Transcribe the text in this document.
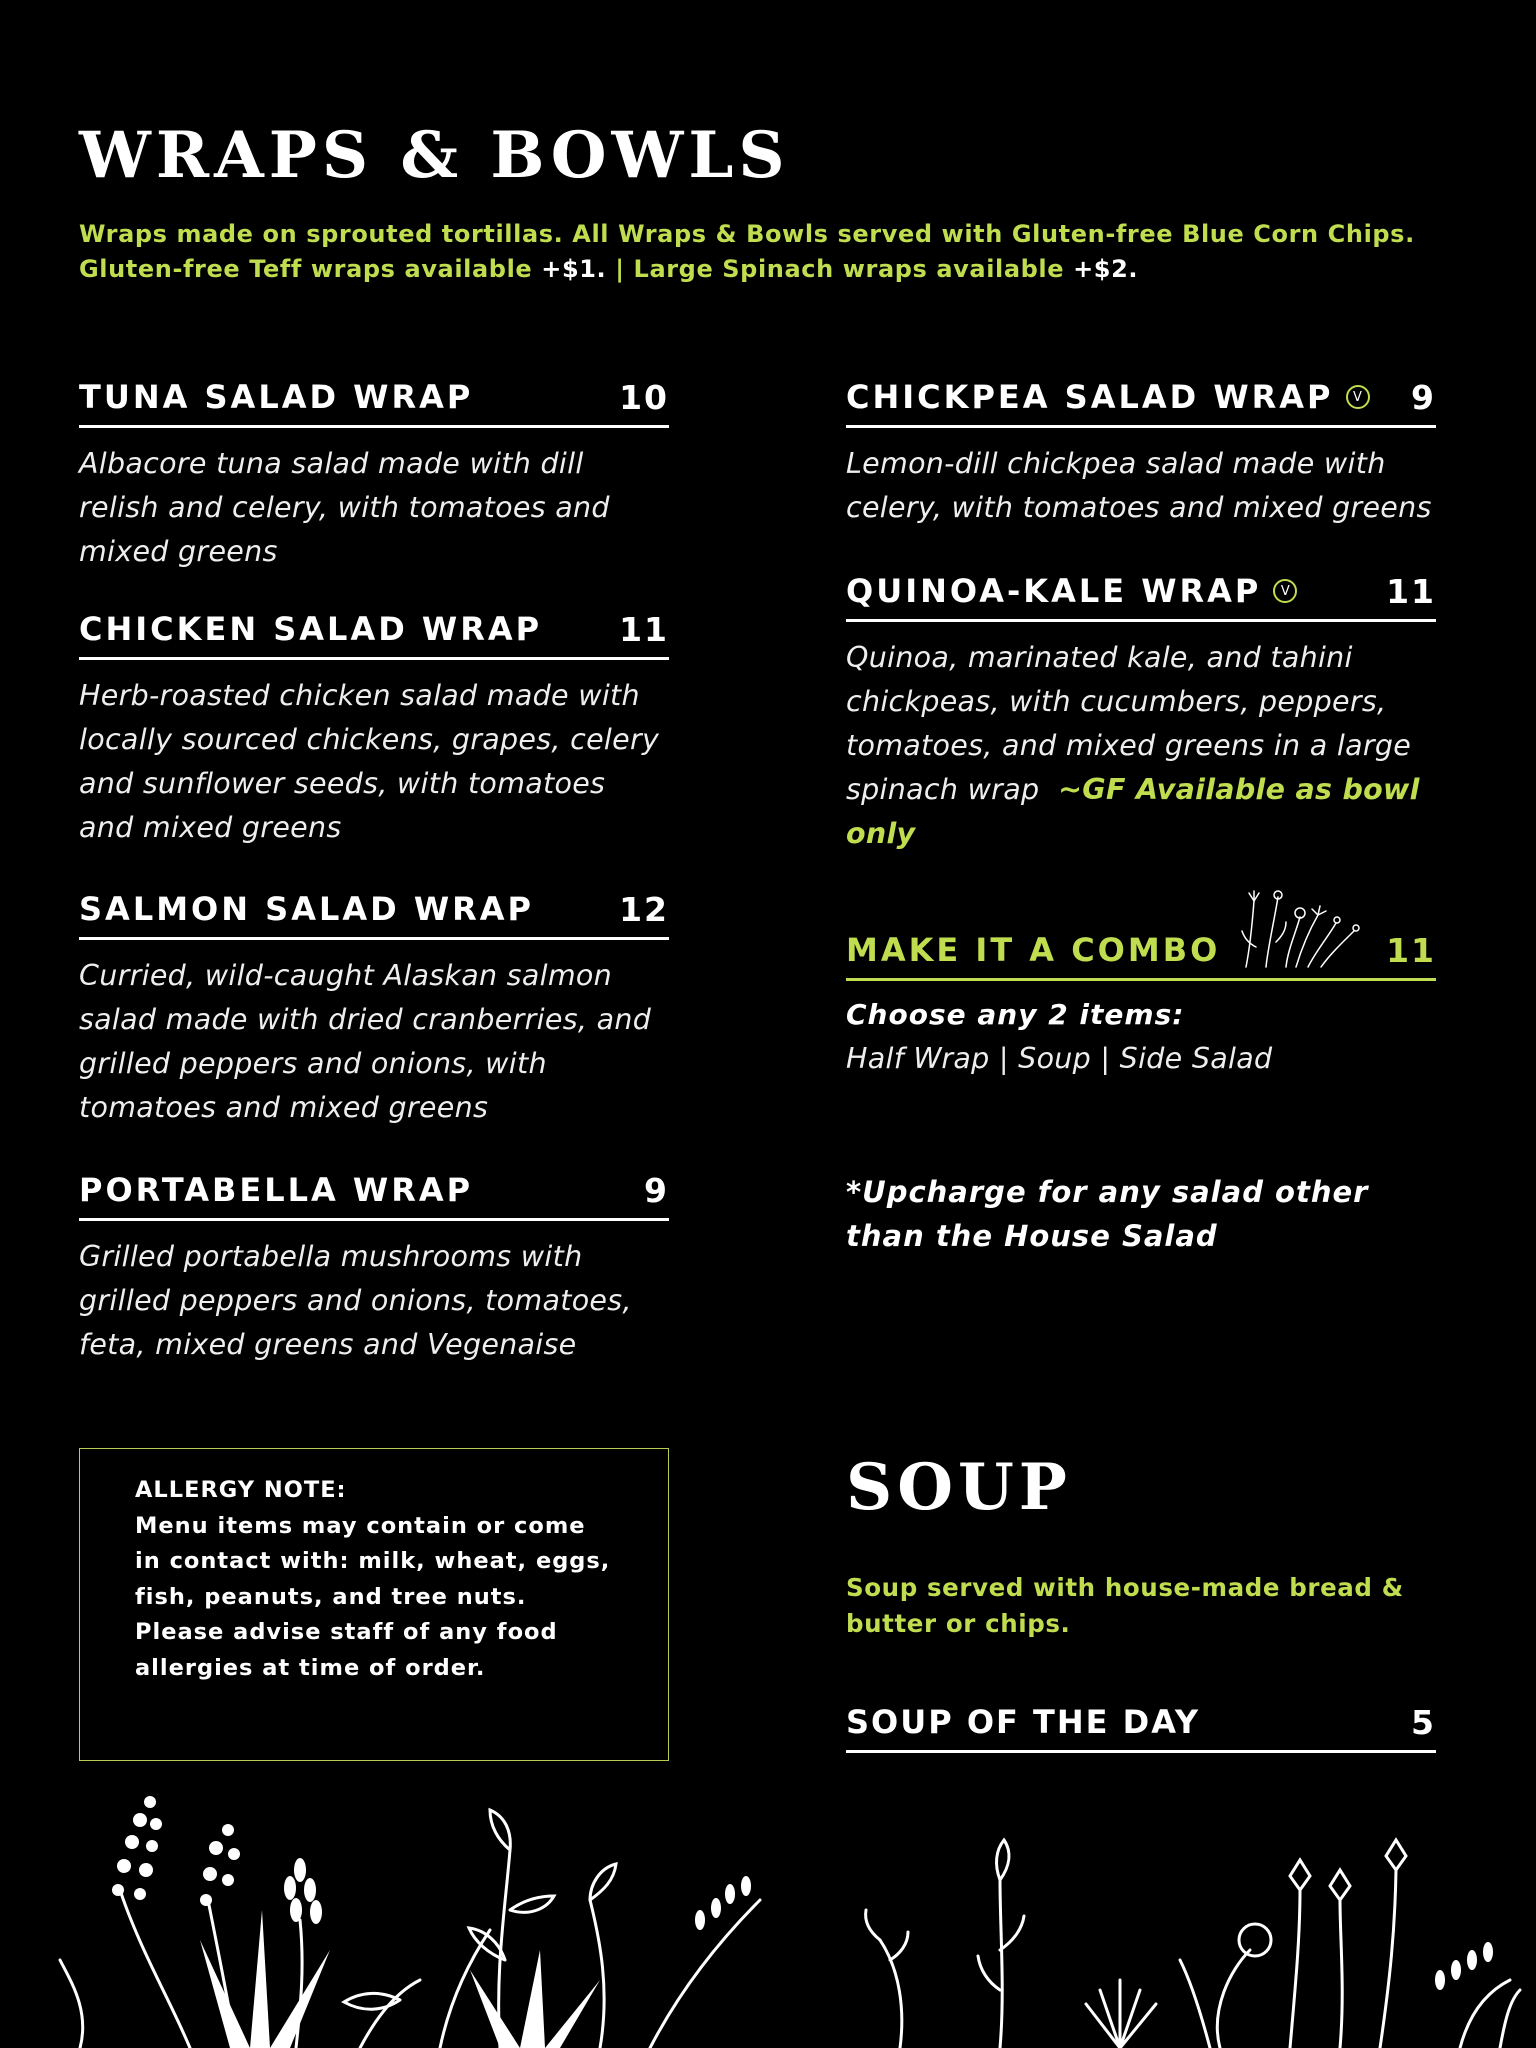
WRAPS & BOWLS
Wraps made on sprouted tortillas. All Wraps & Bowls served with Gluten-free Blue Corn Chips.
Gluten-free Teff wraps available +$1. | Large Spinach wraps available +$2.
TUNA SALAD WRAP	10
Albacore tuna salad made with dill relish and celery, with tomatoes and mixed greens
CHICKEN SALAD WRAP 11
Herb-roasted chicken salad made with locally sourced chickens, grapes, celery and sunflower seeds, with tomatoes and mixed greens
SALMON SALAD WRAP	12
Curried, wild-caught Alaskan salmon salad made with dried cranberries, and grilled peppers and onions, with tomatoes and mixed greens
PORTABELLA WRAP	9
Grilled portabella mushrooms with grilled peppers and onions, tomatoes, feta, mixed greens and Vegenaise
CHICKPEA SALAD WRAP	V 9
Lemon-dill chickpea salad made with celery, with tomatoes and mixed greens
QUINOA-KALE WRAP	V	11
Quinoa, marinated kale, and tahini chickpeas, with cucumbers, peppers, tomatoes, and mixed greens in a large spinach wrap ~GF Available as bowl only
MAKE IT A COMBO	11
Choose any 2 items:
Half Wrap | Soup | Side Salad
*Upcharge for any salad other than the House Salad
ALLERGY NOTE:
Menu items may contain or come in contact with: milk, wheat, eggs, fish, peanuts, and tree nuts. Please advise staff of any food allergies at time of order.
SOUP
Soup served with house-made bread & butter or chips.
SOUP OF THE DAY	5
